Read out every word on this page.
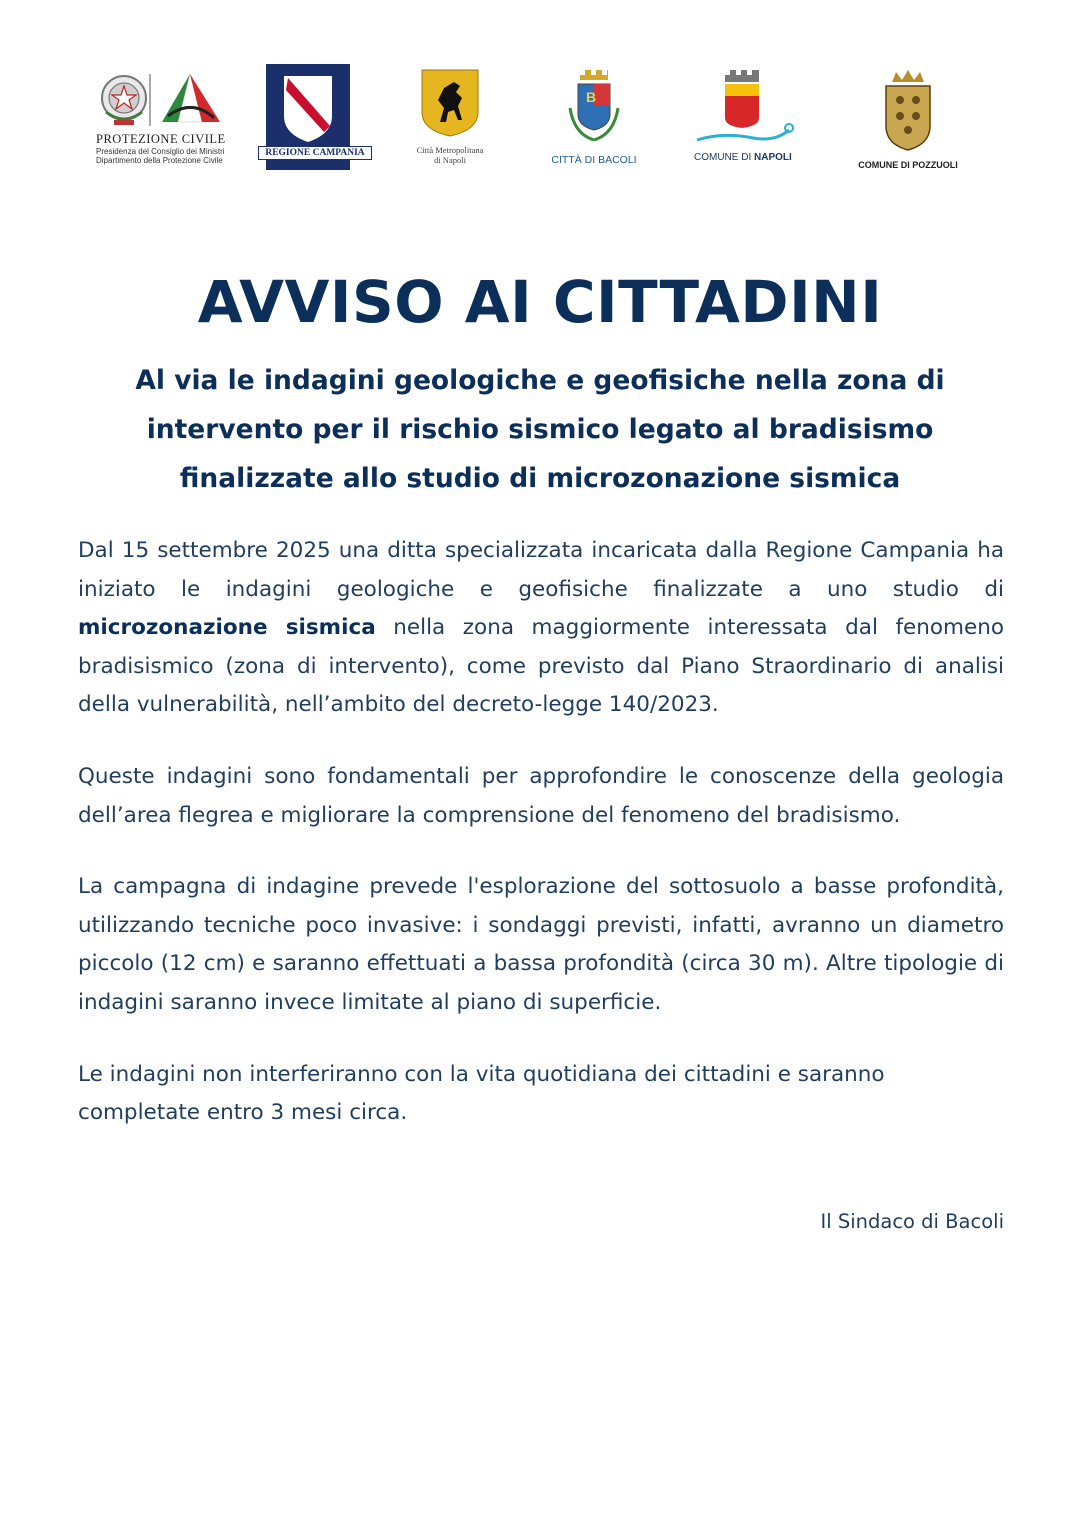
PROTEZIONE CIVILE
Presidenza del Consiglio dei Ministri
Dipartimento della Protezione Civile
REGIONE CAMPANIA	Città Metropolitana
di Napoli
B
CITTÀ DI BACOLI	COMUNE DI NAPOLI
COMUNE DI POZZUOLI
AVVISO AI CITTADINI
Al via le indagini geologiche e geofisiche nella zona di intervento per il rischio sismico legato al bradisismo finalizzate allo studio di microzonazione sismica

Dal 15 settembre 2025 una ditta specializzata incaricata dalla Regione Campania ha iniziato le indagini geologiche e geofisiche finalizzate a uno studio di microzonazione sismica nella zona maggiormente interessata dal fenomeno bradisismico (zona di intervento), come previsto dal Piano Straordinario di analisi della vulnerabilità, nell’ambito del decreto-legge 140/2023.

Queste indagini sono fondamentali per approfondire le conoscenze della geologia dell’area flegrea e migliorare la comprensione del fenomeno del bradisismo.

La campagna di indagine prevede l'esplorazione del sottosuolo a basse profondità, utilizzando tecniche poco invasive: i sondaggi previsti, infatti, avranno un diametro piccolo (12 cm) e saranno effettuati a bassa profondità (circa 30 m). Altre tipologie di indagini saranno invece limitate al piano di superficie.

Le indagini non interferiranno con la vita quotidiana dei cittadini e saranno completate entro 3 mesi circa.

Il Sindaco di Bacoli
